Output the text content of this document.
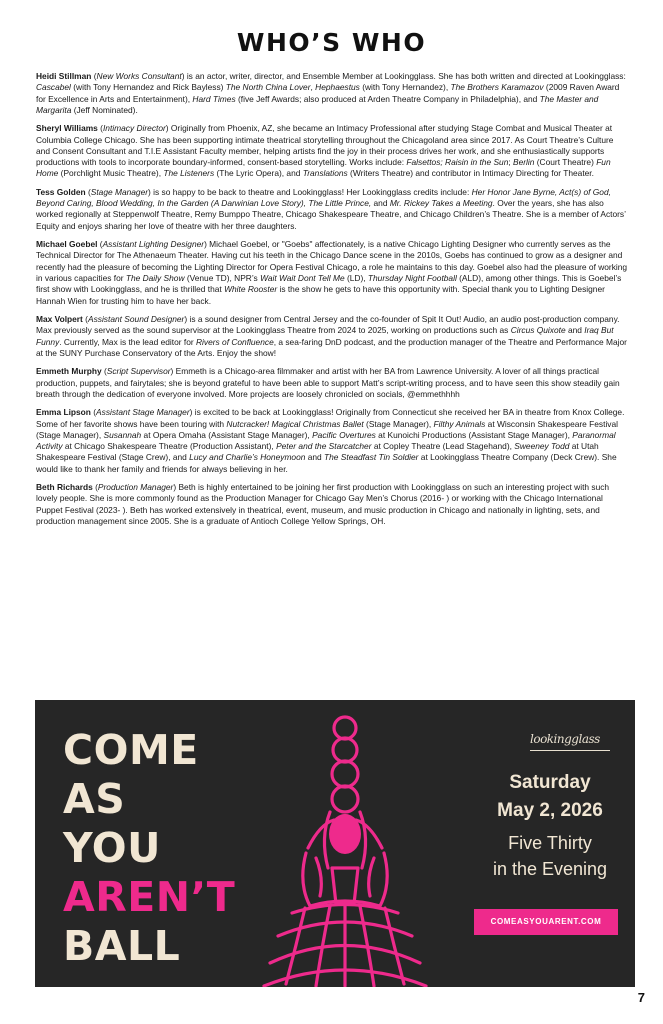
WHO’S WHO

Heidi Stillman (New Works Consultant) is an actor, writer, director, and Ensemble Member at Lookingglass. She has both written and directed at Lookingglass: Cascabel (with Tony Hernandez and Rick Bayless) The North China Lover, Hephaestus (with Tony Hernandez), The Brothers Karamazov (2009 Raven Award for Excellence in Arts and Entertainment), Hard Times (five Jeff Awards; also produced at Arden Theatre Company in Philadelphia), and The Master and Margarita (Jeff Nominated).

Sheryl Williams (Intimacy Director) Originally from Phoenix, AZ, she became an Intimacy Professional after studying Stage Combat and Musical Theater at Columbia College Chicago. She has been supporting intimate theatrical storytelling throughout the Chicagoland area since 2017. As Court Theatre’s Culture and Consent Consultant and T.I.E Assistant Faculty member, helping artists find the joy in their process drives her work, and she enthusiastically supports productions with tools to incorporate boundary-informed, consent-based storytelling. Works include: Falsettos; Raisin in the Sun; Berlin (Court Theatre) Fun Home (Porchlight Music Theatre), The Listeners (The Lyric Opera), and Translations (Writers Theatre) and contributor in Intimacy Directing for Theater.

Tess Golden (Stage Manager) is so happy to be back to theatre and Lookingglass! Her Lookingglass credits include: Her Honor Jane Byrne, Act(s) of God, Beyond Caring, Blood Wedding, In the Garden (A Darwinian Love Story), The Little Prince, and Mr. Rickey Takes a Meeting. Over the years, she has also worked regionally at Steppenwolf Theatre, Remy Bumppo Theatre, Chicago Shakespeare Theatre, and Chicago Children’s Theatre. She is a member of Actors’ Equity and enjoys sharing her love of theatre with her three daughters.

Michael Goebel (Assistant Lighting Designer) Michael Goebel, or "Goebs" affectionately, is a native Chicago Lighting Designer who currently serves as the Technical Director for The Athenaeum Theater. Having cut his teeth in the Chicago Dance scene in the 2010s, Goebs has continued to grow as a designer and recently had the pleasure of becoming the Lighting Director for Opera Festival Chicago, a role he maintains to this day. Goebel also had the pleasure of working in various capacities for The Daily Show (Venue TD), NPR’s Wait Wait Dont Tell Me (LD), Thursday Night Football (ALD), among other things. This is Goebel’s first show with Lookingglass, and he is thrilled that White Rooster is the show he gets to have this opportunity with. Special thank you to Lighting Designer Hannah Wien for trusting him to have her back.

Max Volpert (Assistant Sound Designer) is a sound designer from Central Jersey and the co-founder of Spit It Out! Audio, an audio post-production company. Max previously served as the sound supervisor at the Lookingglass Theatre from 2024 to 2025, working on productions such as Circus Quixote and Iraq But Funny. Currently, Max is the lead editor for Rivers of Confluence, a sea-faring DnD podcast, and the production manager of the Theatre and Performance Major at the SUNY Purchase Conservatory of the Arts. Enjoy the show!

Emmeth Murphy (Script Supervisor) Emmeth is a Chicago-area filmmaker and artist with her BA from Lawrence University. A lover of all things practical production, puppets, and fairytales; she is beyond grateful to have been able to support Matt’s script-writing process, and to have seen this show steadily gain breath through the dedication of everyone involved. More projects are loosely chronicled on socials, @emmethhhh

Emma Lipson (Assistant Stage Manager) is excited to be back at Lookingglass! Originally from Connecticut she received her BA in theatre from Knox College. Some of her favorite shows have been touring with Nutcracker! Magical Christmas Ballet (Stage Manager), Filthy Animals at Wisconsin Shakespeare Festival (Stage Manager), Susannah at Opera Omaha (Assistant Stage Manager), Pacific Overtures at Kunoichi Productions (Assistant Stage Manager), Paranormal Activity at Chicago Shakespeare Theatre (Production Assistant), Peter and the Starcatcher at Copley Theatre (Lead Stagehand), Sweeney Todd at Utah Shakespeare Festival (Stage Crew), and Lucy and Charlie’s Honeymoon and The Steadfast Tin Soldier at Lookingglass Theatre Company (Deck Crew). She would like to thank her family and friends for always believing in her.

Beth Richards (Production Manager) Beth is highly entertained to be joining her first production with Lookingglass on such an interesting project with such lovely people. She is more commonly found as the Production Manager for Chicago Gay Men’s Chorus (2016- ) or working with the Chicago International Puppet Festival (2023- ). Beth has worked extensively in theatrical, event, museum, and music production in Chicago and nationally in lighting, sets, and production management since 2005. She is a graduate of Antioch College Yellow Springs, OH.

COME
AS
YOU
AREN’T
BALL
lookingglass
Saturday
May 2, 2026
Five Thirty
in the Evening
COMEASYOUARENT.COM
7
